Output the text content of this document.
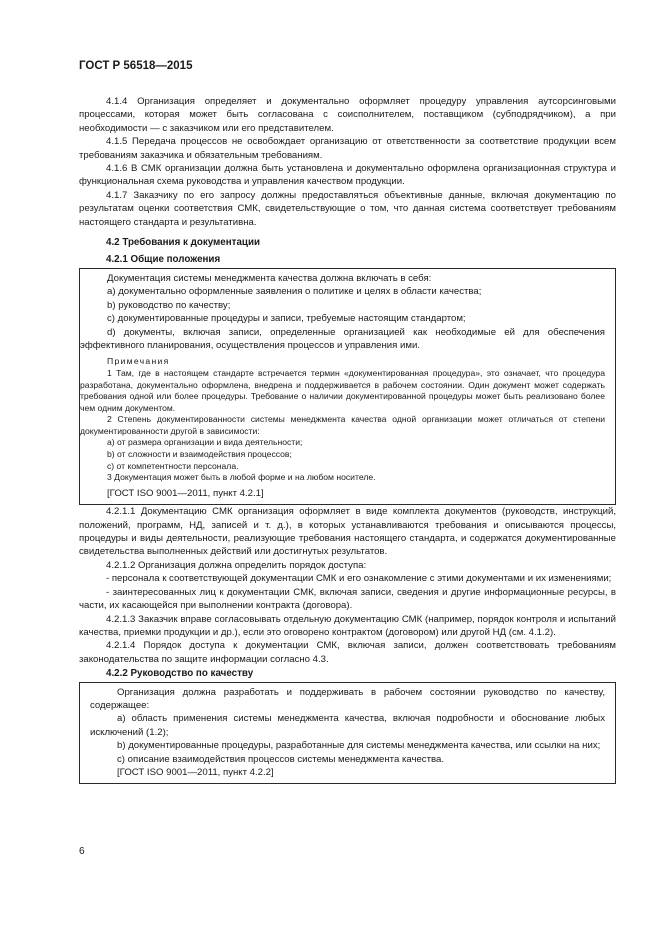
ГОСТ Р 56518—2015

4.1.4 Организация определяет и документально оформляет процедуру управления аутсорсинговыми процессами, которая может быть согласована с соисполнителем, поставщиком (субподрядчиком), а при необходимости — с заказчиком или его представителем.

4.1.5 Передача процессов не освобождает организацию от ответственности за соответствие продукции всем требованиям заказчика и обязательным требованиям.

4.1.6 В СМК организации должна быть установлена и документально оформлена организационная структура и функциональная схема руководства и управления качеством продукции.

4.1.7 Заказчику по его запросу должны предоставляться объективные данные, включая документацию по результатам оценки соответствия СМК, свидетельствующие о том, что данная система соответствует требованиям настоящего стандарта и результативна.

4.2 Требования к документации

4.2.1 Общие положения

Документация системы менеджмента качества должна включать в себя:

a) документально оформленные заявления о политике и целях в области качества;

b) руководство по качеству;

c) документированные процедуры и записи, требуемые настоящим стандартом;

d) документы, включая записи, определенные организацией как необходимые ей для обеспечения эффективного планирования, осуществления процессов и управления ими.

Примечания

1 Там, где в настоящем стандарте встречается термин «документированная процедура», это означает, что процедура разработана, документально оформлена, внедрена и поддерживается в рабочем состоянии. Один документ может содержать требования одной или более процедуры. Требование о наличии документированной процедуры может быть реализовано более чем одним документом.

2 Степень документированности системы менеджмента качества одной организации может отличаться от степени документированности другой в зависимости:

a) от размера организации и вида деятельности;

b) от сложности и взаимодействия процессов;

c) от компетентности персонала.

3 Документация может быть в любой форме и на любом носителе.

[ГОСТ ISO 9001—2011, пункт 4.2.1]

4.2.1.1 Документацию СМК организация оформляет в виде комплекта документов (руководств, инструкций, положений, программ, НД, записей и т. д.), в которых устанавливаются требования и описываются процессы, процедуры и виды деятельности, реализующие требования настоящего стандарта, и содержатся документированные свидетельства выполненных действий или достигнутых результатов.

4.2.1.2 Организация должна определить порядок доступа:

- персонала к соответствующей документации СМК и его ознакомление с этими документами и их изменениями;

- заинтересованных лиц к документации СМК, включая записи, сведения и другие информационные ресурсы, в части, их касающейся при выполнении контракта (договора).

4.2.1.3 Заказчик вправе согласовывать отдельную документацию СМК (например, порядок контроля и испытаний качества, приемки продукции и др.), если это оговорено контрактом (договором) или другой НД (см. 4.1.2).

4.2.1.4 Порядок доступа к документации СМК, включая записи, должен соответствовать требованиям законодательства по защите информации согласно 4.3.

4.2.2 Руководство по качеству

Организация должна разработать и поддерживать в рабочем состоянии руководство по качеству, содержащее:

a) область применения системы менеджмента качества, включая подробности и обоснование любых исключений (1.2);

b) документированные процедуры, разработанные для системы менеджмента качества, или ссылки на них;

c) описание взаимодействия процессов системы менеджмента качества.

[ГОСТ ISO 9001—2011, пункт 4.2.2]

6
